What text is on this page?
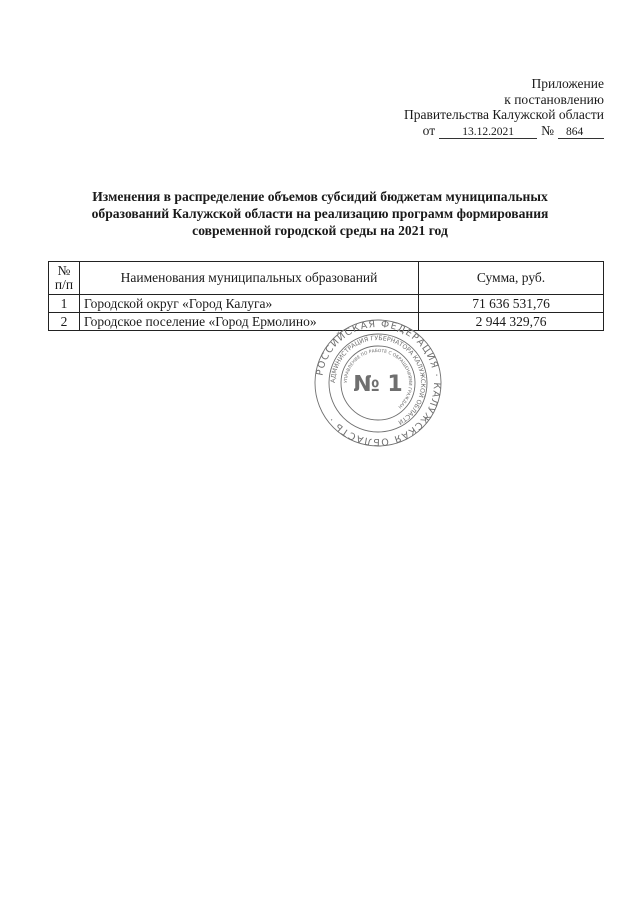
Приложение
к постановлению
Правительства Калужской области
от	13.12.2021	№	864
Изменения в распределение объемов субсидий бюджетам муниципальных
образований Калужской области на реализацию программ формирования
современной городской среды на 2021 год
№
п/п	Наименования муниципальных образований	Сумма, руб.
1	Городской округ «Город Калуга»	71 636 531,76
2	Городское поселение «Город Ермолино»	2 944 329,76
РОССИЙСКАЯ ФЕДЕРАЦИЯ · КАЛУЖСКАЯ ОБЛАСТЬ ·
АДМИНИСТРАЦИЯ ГУБЕРНАТОРА КАЛУЖСКОЙ ОБЛАСТИ
УПРАВЛЕНИЕ ПО РАБОТЕ С ОБРАЩЕНИЯМИ ГРАЖДАН
№ 1
